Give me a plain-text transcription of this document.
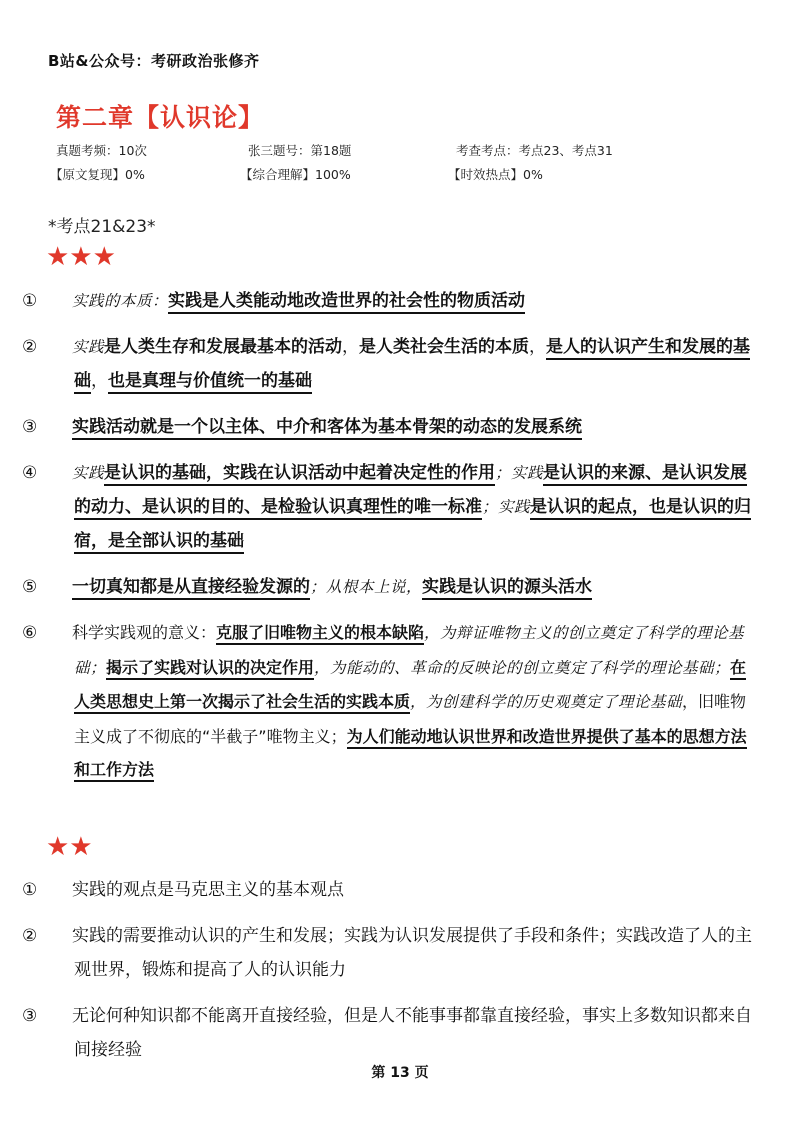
B站&公众号：考研政治张修齐
第二章【认识论】
真题考频：10次	张三题号：第18题	考查考点：考点23、考点31
【原文复现】0%	【综合理解】100%	【时效热点】0%
*考点21&23*
★★★

① 实践的本质：实践是人类能动地改造世界的社会性的物质活动

② 实践是人类生存和发展最基本的活动，是人类社会生活的本质，是人的认识产生和发展的基础，也是真理与价值统一的基础

③ 实践活动就是一个以主体、中介和客体为基本骨架的动态的发展系统

④ 实践是认识的基础，实践在认识活动中起着决定性的作用；实践是认识的来源、是认识发展的动力、是认识的目的、是检验认识真理性的唯一标准；实践是认识的起点，也是认识的归宿，是全部认识的基础

⑤ 一切真知都是从直接经验发源的；从根本上说，实践是认识的源头活水

⑥ 科学实践观的意义：克服了旧唯物主义的根本缺陷，为辩证唯物主义的创立奠定了科学的理论基础；揭示了实践对认识的决定作用，为能动的、革命的反映论的创立奠定了科学的理论基础；在人类思想史上第一次揭示了社会生活的实践本质，为创建科学的历史观奠定了理论基础，旧唯物主义成了不彻底的“半截子”唯物主义；为人们能动地认识世界和改造世界提供了基本的思想方法和工作方法

★★

① 实践的观点是马克思主义的基本观点

② 实践的需要推动认识的产生和发展；实践为认识发展提供了手段和条件；实践改造了人的主观世界，锻炼和提高了人的认识能力

③ 无论何种知识都不能离开直接经验，但是人不能事事都靠直接经验，事实上多数知识都来自间接经验

第 13 页
